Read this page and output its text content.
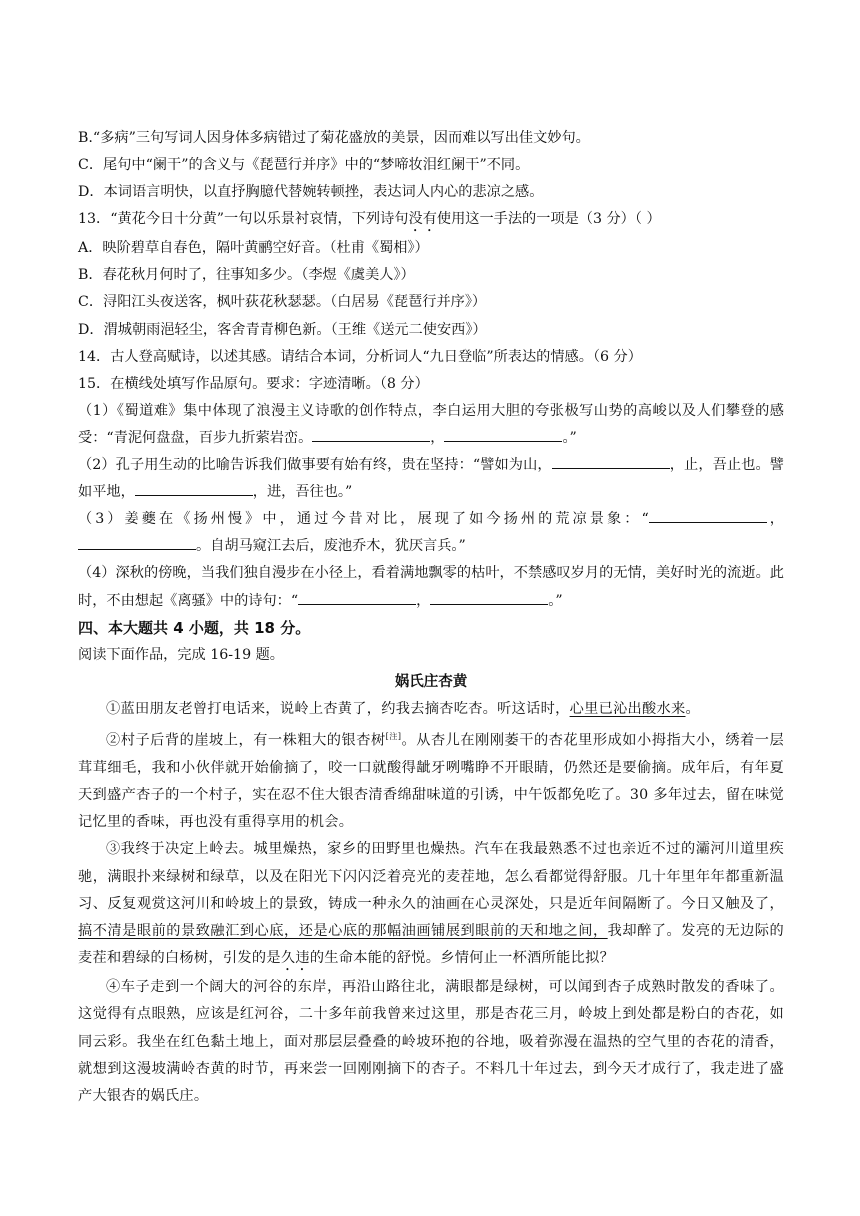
B.“多病”三句写词人因身体多病错过了菊花盛放的美景，因而难以写出佳文妙句。
C．尾句中“阑干”的含义与《琵琶行并序》中的“梦啼妆泪红阑干”不同。
D．本词语言明快，以直抒胸臆代替婉转顿挫，表达词人内心的悲凉之感。
13．“黄花今日十分黄”一句以乐景衬哀情，下列诗句没有使用这一手法的一项是（3 分）（ ）
A．映阶碧草自春色，隔叶黄鹂空好音。（杜甫《蜀相》）
B．春花秋月何时了，往事知多少。（李煜《虞美人》）
C．浔阳江头夜送客，枫叶荻花秋瑟瑟。（白居易《琵琶行并序》）
D．渭城朝雨浥轻尘，客舍青青柳色新。（王维《送元二使安西》）
14．古人登高赋诗，以述其感。请结合本词，分析词人“九日登临”所表达的情感。（6 分）
15．在横线处填写作品原句。要求：字迹清晰。（8 分）
（1）《蜀道难》集中体现了浪漫主义诗歌的创作特点，李白运用大胆的夸张极写山势的高峻以及人们攀登的感受：“青泥何盘盘，百步九折萦岩峦。	，	。”
（2）孔子用生动的比喻告诉我们做事要有始有终，贵在坚持：“譬如为山，	，止，吾止也。譬如平地，	，进，吾往也。”
（3）姜夔在《扬州慢》中，通过今昔对比，展现了如今扬州的荒凉景象：“	，。自胡马窥江去后，废池乔木，犹厌言兵。”
（4）深秋的傍晚，当我们独自漫步在小径上，看着满地飘零的枯叶，不禁感叹岁月的无情，美好时光的流逝。此时，不由想起《离骚》中的诗句：“	，	。”
四、本大题共 4 小题，共 18 分。
阅读下面作品，完成 16-19 题。
娲氏庄杏黄
①蓝田朋友老曾打电话来，说岭上杏黄了，约我去摘杏吃杏。听这话时，心里已沁出酸水来。
②村子后背的崖坡上，有一株粗大的银杏树[注]。从杏儿在刚刚萎干的杏花里形成如小拇指大小，绣着一层茸茸细毛，我和小伙伴就开始偷摘了，咬一口就酸得龇牙咧嘴睁不开眼睛，仍然还是要偷摘。成年后，有年夏天到盛产杏子的一个村子，实在忍不住大银杏清香绵甜味道的引诱，中午饭都免吃了。30 多年过去，留在味觉记忆里的香味，再也没有重得享用的机会。
③我终于决定上岭去。城里燥热，家乡的田野里也燥热。汽车在我最熟悉不过也亲近不过的灞河川道里疾驰，满眼扑来绿树和绿草，以及在阳光下闪闪泛着亮光的麦茬地，怎么看都觉得舒服。几十年里年年都重新温习、反复观赏这河川和岭坡上的景致，铸成一种永久的油画在心灵深处，只是近年间隔断了。今日又触及了，搞不清是眼前的景致融汇到心底，还是心底的那幅油画铺展到眼前的天和地之间，我却醉了。发亮的无边际的麦茬和碧绿的白杨树，引发的是久违的生命本能的舒悦。乡情何止一杯酒所能比拟？
④车子走到一个阔大的河谷的东岸，再沿山路往北，满眼都是绿树，可以闻到杏子成熟时散发的香味了。这觉得有点眼熟，应该是红河谷，二十多年前我曾来过这里，那是杏花三月，岭坡上到处都是粉白的杏花，如同云彩。我坐在红色黏土地上，面对那层层叠叠的岭坡环抱的谷地，吸着弥漫在温热的空气里的杏花的清香，就想到这漫坡满岭杏黄的时节，再来尝一回刚刚摘下的杏子。不料几十年过去，到今天才成行了，我走进了盛产大银杏的娲氏庄。
